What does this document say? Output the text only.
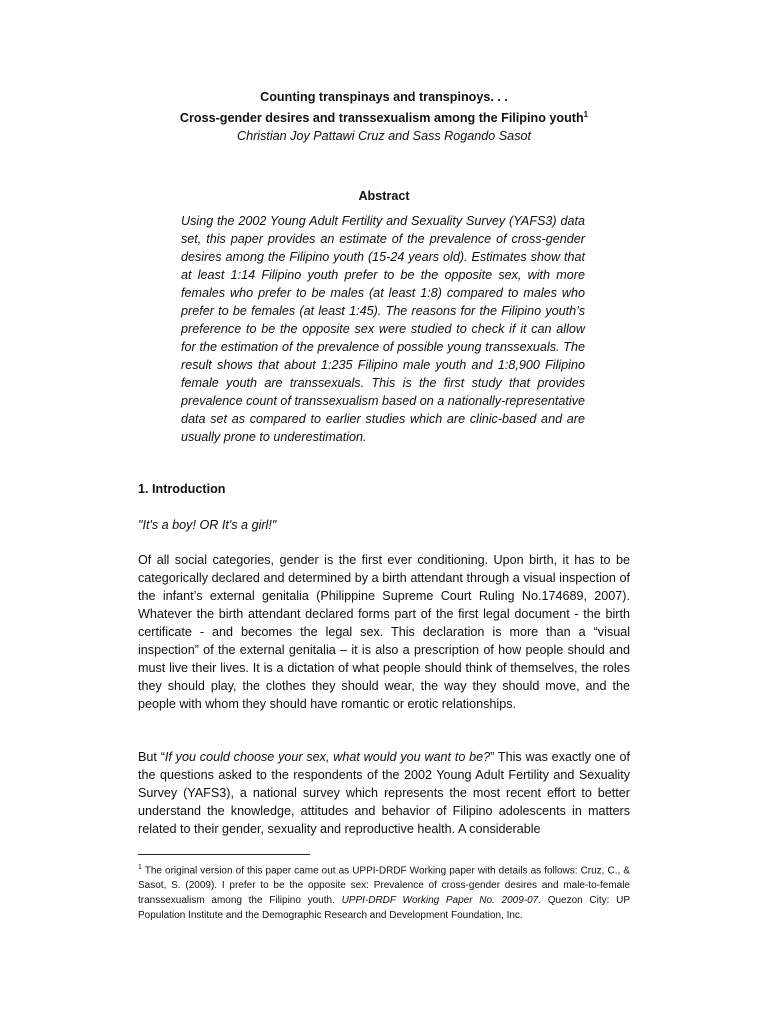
Counting transpinays and transpinoys. . .
Cross-gender desires and transsexualism among the Filipino youth$^1$
Christian Joy Pattawi Cruz and Sass Rogando Sasot
Abstract
Using the 2002 Young Adult Fertility and Sexuality Survey (YAFS3) data set, this paper provides an estimate of the prevalence of cross-gender desires among the Filipino youth (15-24 years old). Estimates show that at least 1:14 Filipino youth prefer to be the opposite sex, with more females who prefer to be males (at least 1:8) compared to males who prefer to be females (at least 1:45). The reasons for the Filipino youth’s preference to be the opposite sex were studied to check if it can allow for the estimation of the prevalence of possible young transsexuals. The result shows that about 1:235 Filipino male youth and 1:8,900 Filipino female youth are transsexuals. This is the first study that provides prevalence count of transsexualism based on a nationally-representative data set as compared to earlier studies which are clinic-based and are usually prone to underestimation.
1. Introduction
"It's a boy! OR It's a girl!"
Of all social categories, gender is the first ever conditioning. Upon birth, it has to be categorically declared and determined by a birth attendant through a visual inspection of the infant’s external genitalia (Philippine Supreme Court Ruling No.174689, 2007). Whatever the birth attendant declared forms part of the first legal document - the birth certificate - and becomes the legal sex. This declaration is more than a “visual inspection” of the external genitalia – it is also a prescription of how people should and must live their lives. It is a dictation of what people should think of themselves, the roles they should play, the clothes they should wear, the way they should move, and the people with whom they should have romantic or erotic relationships.
But “If you could choose your sex, what would you want to be?” This was exactly one of the questions asked to the respondents of the 2002 Young Adult Fertility and Sexuality Survey (YAFS3), a national survey which represents the most recent effort to better understand the knowledge, attitudes and behavior of Filipino adolescents in matters related to their gender, sexuality and reproductive health. A considerable
$^1$ The original version of this paper came out as UPPI-DRDF Working paper with details as follows: Cruz, C., & Sasot, S. (2009). I prefer to be the opposite sex: Prevalence of cross-gender desires and male-to-female transsexualism among the Filipino youth. UPPI-DRDF Working Paper No. 2009-07. Quezon City: UP Population Institute and the Demographic Research and Development Foundation, Inc.
